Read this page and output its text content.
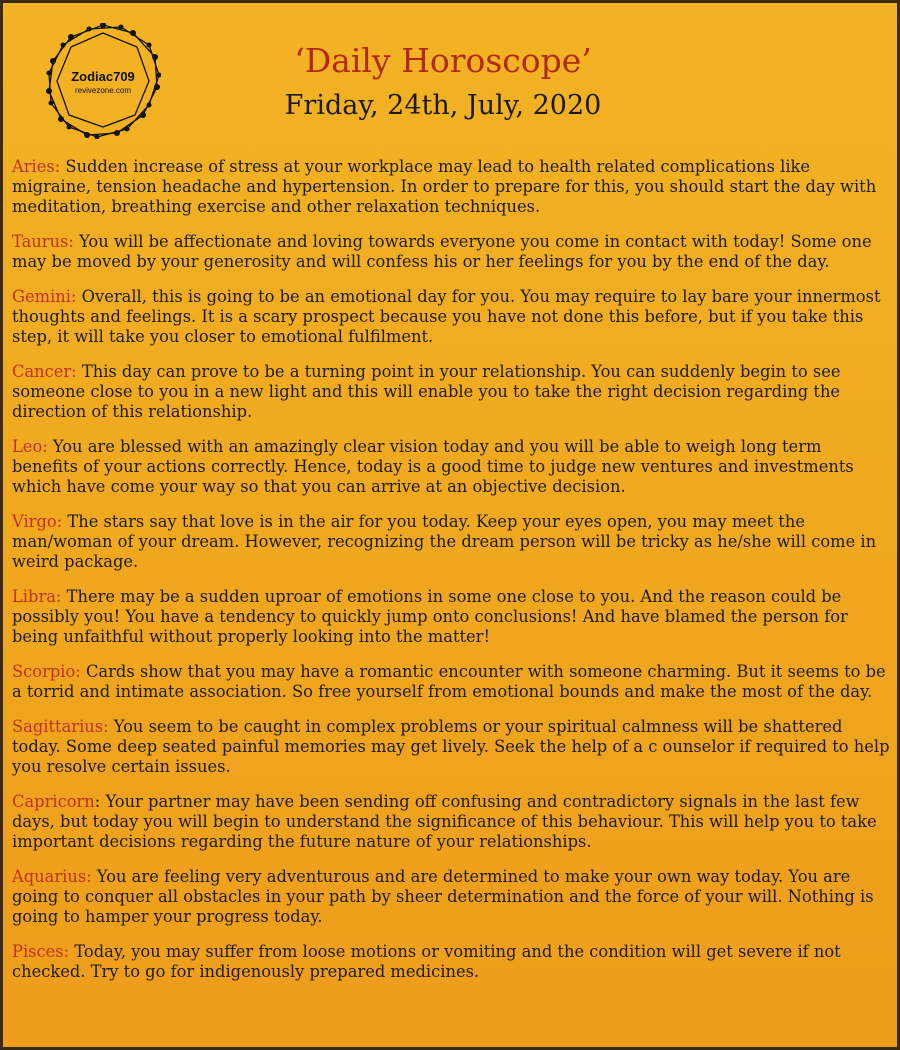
Zodiac709
revivezone.com
‘Daily Horoscope’
Friday, 24th, July, 2020

Aries: Sudden increase of stress at your workplace may lead to health related complications like migraine, tension headache and hypertension. In order to prepare for this, you should start the day with meditation, breathing exercise and other relaxation techniques.

Taurus: You will be affectionate and loving towards everyone you come in contact with today! Some one may be moved by your generosity and will confess his or her feelings for you by the end of the day.

Gemini: Overall, this is going to be an emotional day for you. You may require to lay bare your innermost thoughts and feelings. It is a scary prospect because you have not done this before, but if you take this step, it will take you closer to emotional fulfilment.

Cancer: This day can prove to be a turning point in your relationship. You can suddenly begin to see someone close to you in a new light and this will enable you to take the right decision regarding the direction of this relationship.

Leo: You are blessed with an amazingly clear vision today and you will be able to weigh long term benefits of your actions correctly. Hence, today is a good time to judge new ventures and investments which have come your way so that you can arrive at an objective decision.

Virgo: The stars say that love is in the air for you today. Keep your eyes open, you may meet the man/woman of your dream. However, recognizing the dream person will be tricky as he/she will come in weird package.

Libra: There may be a sudden uproar of emotions in some one close to you. And the reason could be possibly you! You have a tendency to quickly jump onto conclusions! And have blamed the person for being unfaithful without properly looking into the matter!

Scorpio: Cards show that you may have a romantic encounter with someone charming. But it seems to be a torrid and intimate association. So free yourself from emotional bounds and make the most of the day.

Sagittarius: You seem to be caught in complex problems or your spiritual calmness will be shattered today. Some deep seated painful memories may get lively. Seek the help of a c ounselor if required to help you resolve certain issues.

Capricorn: Your partner may have been sending off confusing and contradictory signals in the last few days, but today you will begin to understand the significance of this behaviour. This will help you to take important decisions regarding the future nature of your relationships.

Aquarius: You are feeling very adventurous and are determined to make your own way today. You are going to conquer all obstacles in your path by sheer determination and the force of your will. Nothing is going to hamper your progress today.

Pisces: Today, you may suffer from loose motions or vomiting and the condition will get severe if not checked. Try to go for indigenously prepared medicines.
